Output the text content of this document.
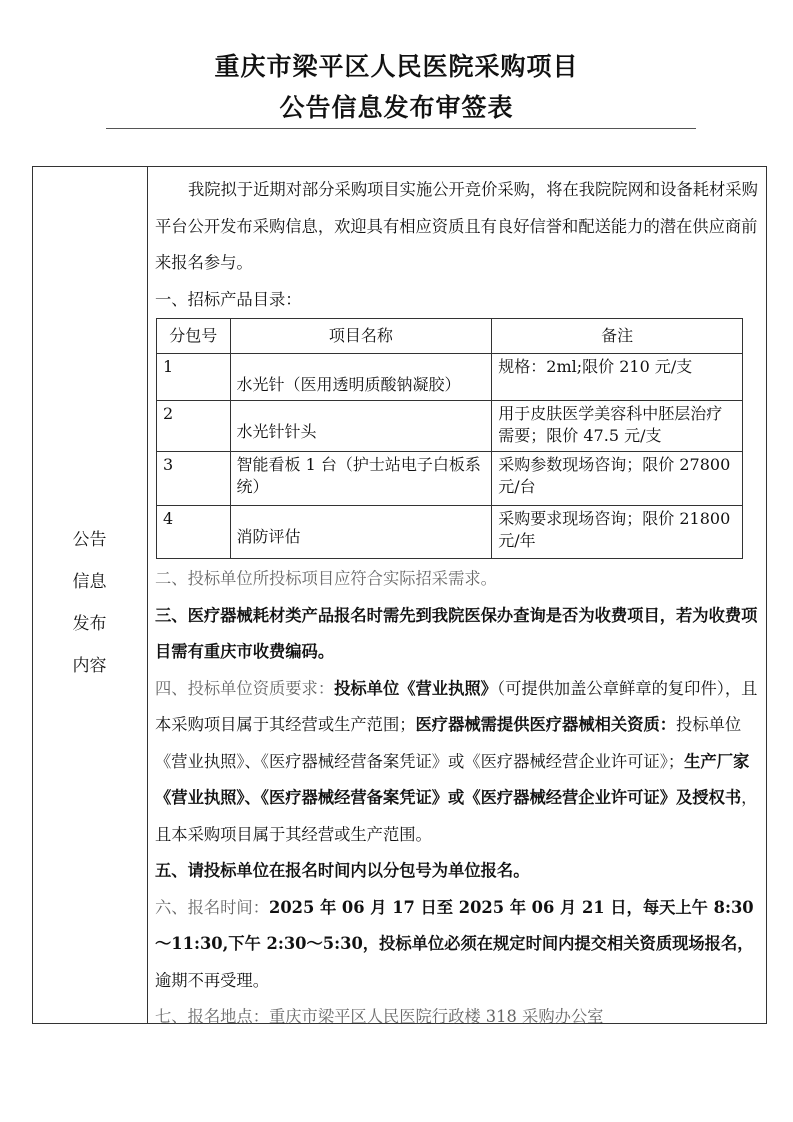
重庆市梁平区人民医院采购项目
公告信息发布审签表
公告
信息
发布
内容

我院拟于近期对部分采购项目实施公开竞价采购，将在我院院网和设备耗材采购平台公开发布采购信息，欢迎具有相应资质且有良好信誉和配送能力的潜在供应商前来报名参与。

一、招标产品目录：

分包号	项目名称	备注
1	水光针（医用透明质酸钠凝胶）	规格：2ml;限价 210 元/支
2	水光针针头	用于皮肤医学美容科中胚层治疗需要；限价 47.5 元/支
3	智能看板 1 台（护士站电子白板系统）	采购参数现场咨询；限价 27800 元/台
4	消防评估	采购要求现场咨询；限价 21800 元/年

二、投标单位所投标项目应符合实际招采需求。

三、医疗器械耗材类产品报名时需先到我院医保办查询是否为收费项目，若为收费项目需有重庆市收费编码。

四、投标单位资质要求：投标单位《营业执照》（可提供加盖公章鲜章的复印件），且本采购项目属于其经营或生产范围；医疗器械需提供医疗器械相关资质：投标单位《营业执照》、《医疗器械经营备案凭证》或《医疗器械经营企业许可证》；生产厂家《营业执照》、《医疗器械经营备案凭证》或《医疗器械经营企业许可证》及授权书，且本采购项目属于其经营或生产范围。

五、请投标单位在报名时间内以分包号为单位报名。

六、报名时间：2025 年 06 月 17 日至 2025 年 06 月 21 日，每天上午 8:30～11:30,下午 2:30～5:30，投标单位必须在规定时间内提交相关资质现场报名，逾期不再受理。

七、报名地点：重庆市梁平区人民医院行政楼 318 采购办公室
